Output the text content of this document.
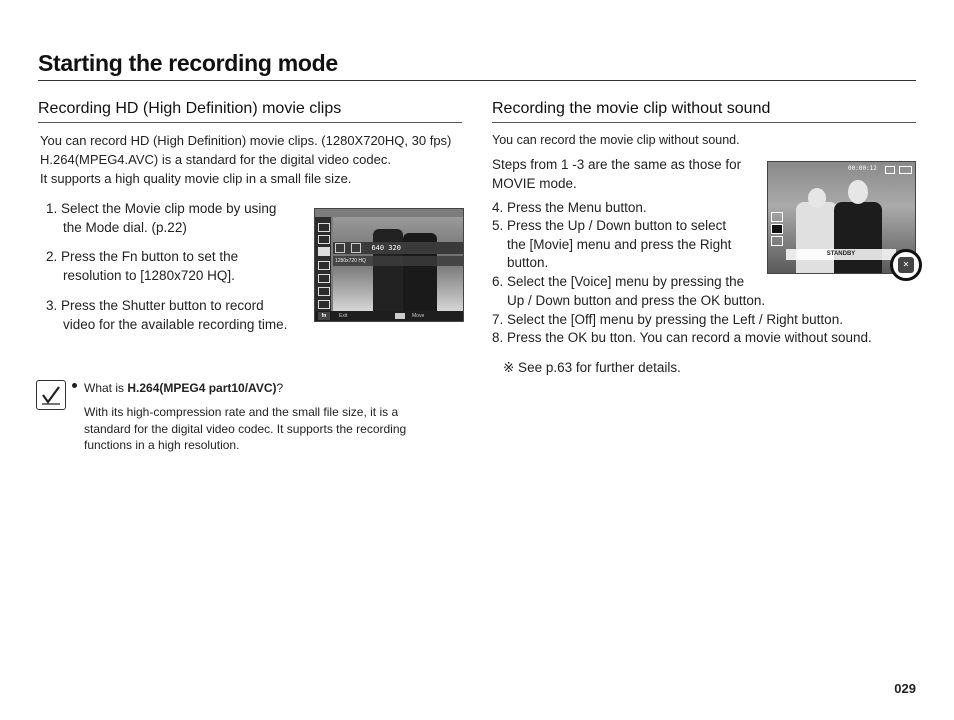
Starting the recording mode
Recording HD (High Definition) movie clips
You can record HD (High Definition) movie clips. (1280X720HQ, 30 fps)
H.264(MPEG4.AVC) is a standard for the digital video codec.
It supports a high quality movie clip in a small file size.
1. Select the Movie clip mode by using
the Mode dial. (p.22)
2. Press the Fn button to set the
resolution to [1280x720 HQ].
3. Press the Shutter button to record
video for the available recording time.
640 320
1280x720 HQ
fn	Exit	Move
What is H.264(MPEG4 part10/AVC)?
With its high-compression rate and the small file size, it is a
standard for the digital video codec. It supports the recording
functions in a high resolution.
Recording the movie clip without sound
You can record the movie clip without sound.
Steps from 1 -3 are the same as those for
MOVIE mode.
4. Press the Menu button.
5. Press the Up / Down button to select
the [Movie] menu and press the Right
button.
6. Select the [Voice] menu by pressing the
Up / Down button and press the OK button.
7. Select the [Off] menu by pressing the Left / Right button.
8. Press the OK bu tton. You can record a movie without sound.
※ See p.63 for further details.
00:00:12
STANDBY
✕
029
